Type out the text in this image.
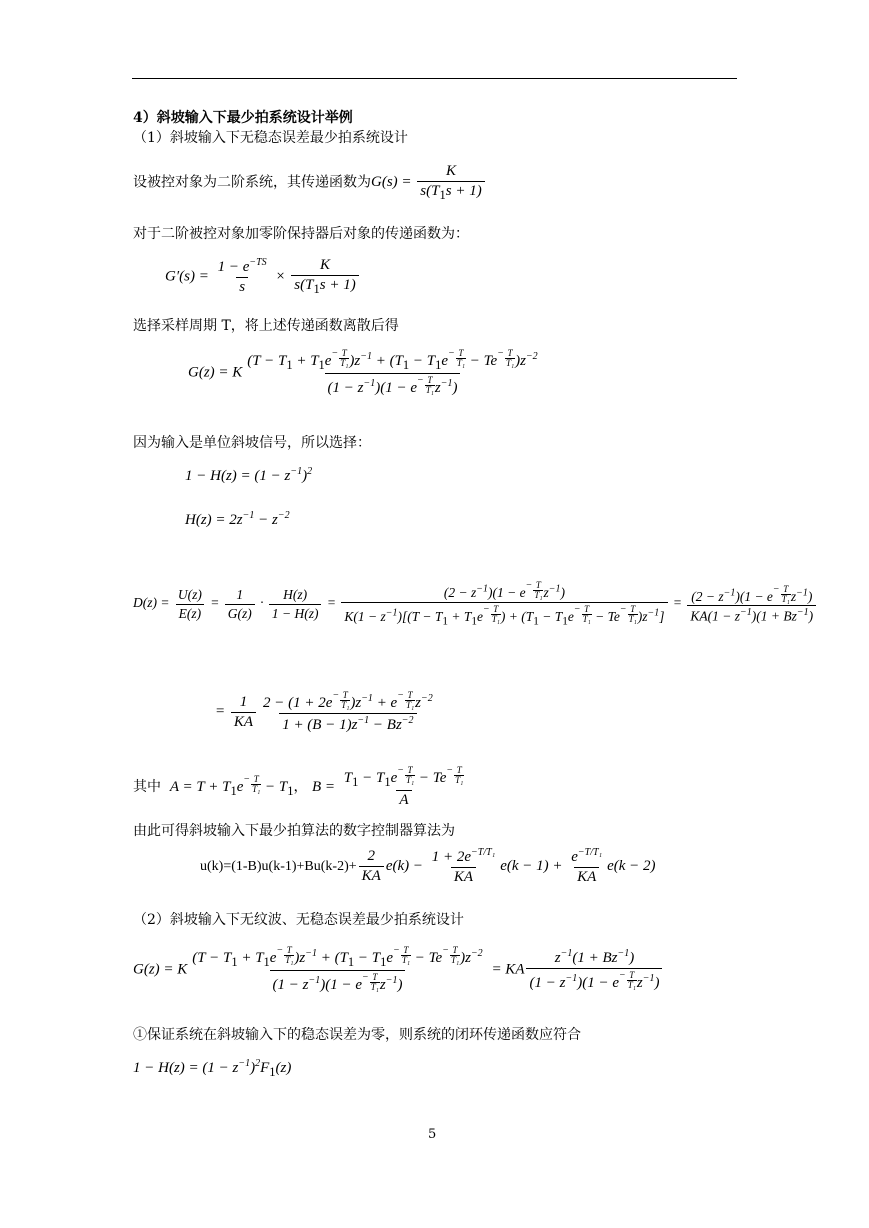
4）斜坡输入下最少拍系统设计举例
（1）斜坡输入下无稳态误差最少拍系统设计
设被控对象为二阶系统，其传递函数为$G(s) = \frac{K}{s(T_1s + 1)}$
对于二阶被控对象加零阶保持器后对象的传递函数为：
$G'(s) = \frac{1 - e^{-TS}}{s} \times \frac{K}{s(T_1s + 1)}$
选择采样周期 T，将上述传递函数离散后得
G(z) = K $\frac{(T - T_1 + T_1e^- \frac{T}{\text{T₁}} )z^{-1} + (T_1 - T_1e^- \frac{T}{\text{T₁}} - Te^- \frac{T}{\text{T₁}} )z^{-2}}{(1 - z^{-1})(1 - e^- \frac{T}{\text{T₁}} z^{-1})}$
因为输入是单位斜坡信号，所以选择：
$1 - H(z) = (1 - z^{-1})^2$
$H(z) = 2z^{-1} - z^{-2}$
$D(z) = \frac{U(z)}{E(z)} = \frac{1}{G(z)} \cdot \frac{H(z)}{1 - H(z)} = \frac{(2 - z^{-1})(1 - e^- \frac{T}{\text{T₁}} z^{-1})}{K(1 - z^{-1})[(T - T_1 + T_1e^- \frac{T}{\text{T₁}} ) + (T_1 - T_1e^- \frac{T}{\text{T₁}} - Te^- \frac{T}{\text{T₁}} )z^{-1}]} = \frac{(2 - z^{-1})(1 - e^- \frac{T}{\text{T₁}} z^{-1})}{KA(1 - z^{-1})(1 + Bz^{-1})}$
= $\frac{1}{KA} \frac{2 - (1 + 2e^- \frac{T}{\text{T₁}} )z^{-1} + e^- \frac{T}{\text{T₁}} z^{-2}}{1 + (B - 1)z^{-1} - Bz^{-2}}$
其中 $A = T + T_1e^- \frac{T}{\text{T₁}} - T_1$， $B = \frac{T_1 - T_1e^- \frac{T}{\text{T₁}} - Te^- \frac{T}{\text{T₁}}}{A}$
由此可得斜坡输入下最少拍算法的数字控制器算法为
$u(k)=(1-B)u(k-1)+Bu(k-2)+ \frac{2}{KA} e(k) - \frac{1 + 2e^{-T/T_1}}{KA} e(k - 1) + \frac{e^{-T/T_1}}{KA} e(k - 2)$
（2）斜坡输入下无纹波、无稳态误差最少拍系统设计
G(z) = K $\frac{(T - T_1 + T_1e^- \frac{T}{\text{T₁}} )z^{-1} + (T_1 - T_1e^- \frac{T}{\text{T₁}} - Te^- \frac{T}{\text{T₁}} )z^{-2}}{(1 - z^{-1})(1 - e^- \frac{T}{\text{T₁}} z^{-1})}$ = KA $\frac{z^{-1}(1 + Bz^{-1})}{(1 - z^{-1})(1 - e^- \frac{T}{\text{T₁}} z^{-1})}$
①保证系统在斜坡输入下的稳态误差为零，则系统的闭环传递函数应符合
$1 - H(z) = (1 - z^{-1})^2F_1(z)$
5
